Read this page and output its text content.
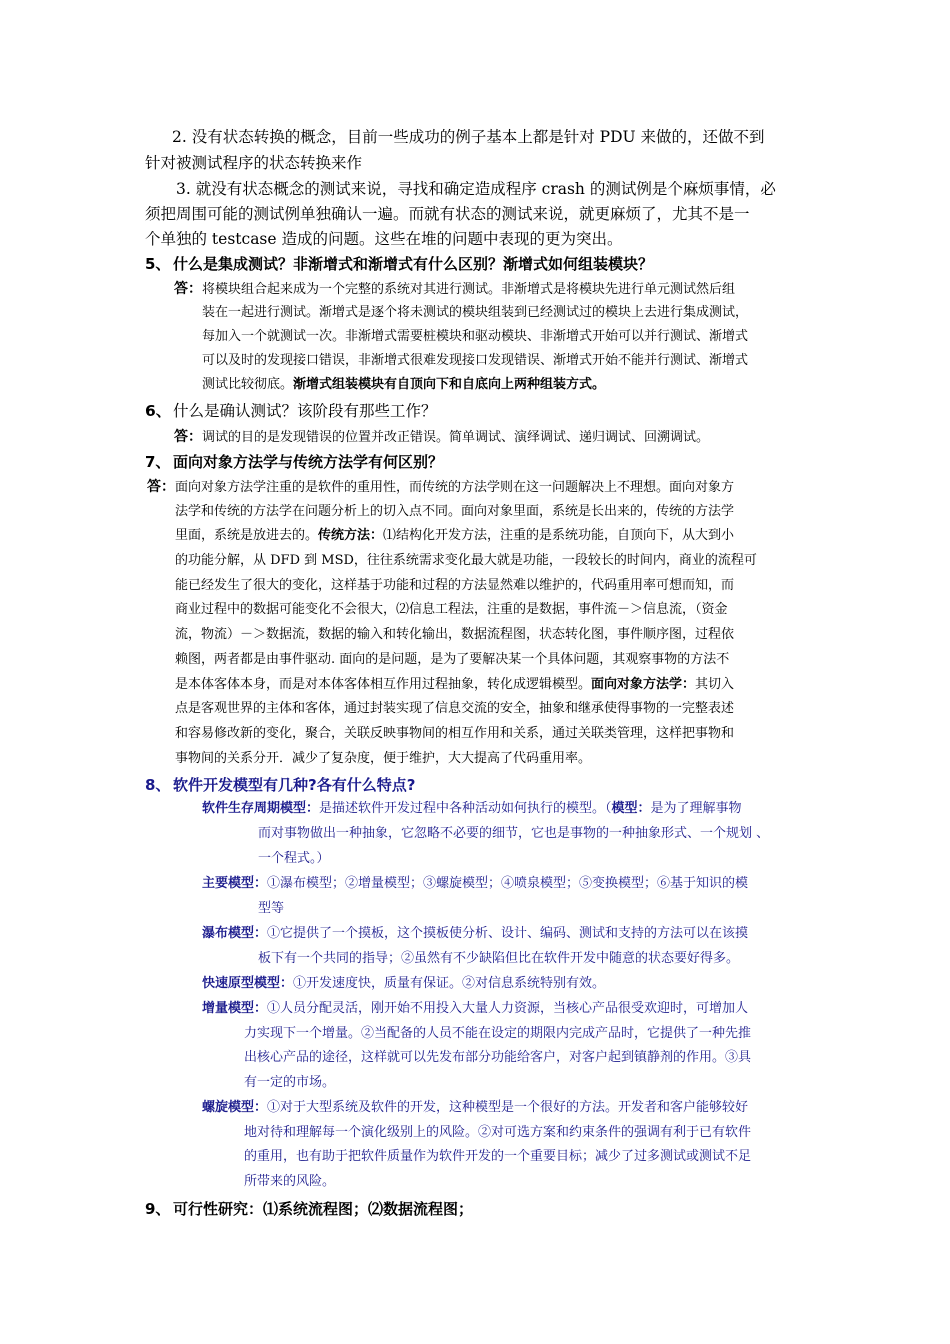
2. 没有状态转换的概念，目前一些成功的例子基本上都是针对 PDU 来做的，还做不到
针对被测试程序的状态转换来作
3. 就没有状态概念的测试来说，寻找和确定造成程序 crash 的测试例是个麻烦事情，必
须把周围可能的测试例单独确认一遍。而就有状态的测试来说，就更麻烦了，尤其不是一
个单独的 testcase 造成的问题。这些在堆的问题中表现的更为突出。
5、 什么是集成测试？非渐增式和渐增式有什么区别？渐增式如何组装模块？
答：将模块组合起来成为一个完整的系统对其进行测试。非渐增式是将模块先进行单元测试然后组
装在一起进行测试。渐增式是逐个将未测试的模块组装到已经测试过的模块上去进行集成测试，
每加入一个就测试一次。非渐增式需要桩模块和驱动模块、非渐增式开始可以并行测试、渐增式
可以及时的发现接口错误，非渐增式很难发现接口发现错误、渐增式开始不能并行测试、渐增式
测试比较彻底。渐增式组装模块有自顶向下和自底向上两种组装方式。
6、 什么是确认测试？该阶段有那些工作？
答：调试的目的是发现错误的位置并改正错误。简单调试、演绎调试、递归调试、回溯调试。
7、 面向对象方法学与传统方法学有何区别？
答：面向对象方法学注重的是软件的重用性，而传统的方法学则在这一问题解决上不理想。面向对象方
法学和传统的方法学在问题分析上的切入点不同。面向对象里面，系统是长出来的，传统的方法学
里面，系统是放进去的。传统方法：⑴结构化开发方法，注重的是系统功能，自顶向下，从大到小
的功能分解，从 DFD 到 MSD，往往系统需求变化最大就是功能，一段较长的时间内，商业的流程可
能已经发生了很大的变化，这样基于功能和过程的方法显然难以维护的，代码重用率可想而知，而
商业过程中的数据可能变化不会很大，⑵信息工程法，注重的是数据，事件流－＞信息流，（资金
流，物流）－＞数据流，数据的输入和转化输出，数据流程图，状态转化图，事件顺序图，过程依
赖图，两者都是由事件驱动. 面向的是问题，是为了要解决某一个具体问题，其观察事物的方法不
是本体客体本身，而是对本体客体相互作用过程抽象，转化成逻辑模型。面向对象方法学：其切入
点是客观世界的主体和客体，通过封装实现了信息交流的安全，抽象和继承使得事物的一完整表述
和容易修改新的变化，聚合，关联反映事物间的相互作用和关系，通过关联类管理，这样把事物和
事物间的关系分开．减少了复杂度，便于维护，大大提高了代码重用率。
8、 软件开发模型有几种?各有什么特点?
软件生存周期模型：是描述软件开发过程中各种活动如何执行的模型。（模型：是为了理解事物
而对事物做出一种抽象，它忽略不必要的细节，它也是事物的一种抽象形式、一个规划 、
一个程式。）
主要模型：①瀑布模型；②增量模型；③螺旋模型；④喷泉模型；⑤变换模型；⑥基于知识的模
型等
瀑布模型：①它提供了一个摸板，这个摸板使分析、设计、编码、测试和支持的方法可以在该摸
板下有一个共同的指导；②虽然有不少缺陷但比在软件开发中随意的状态要好得多。
快速原型模型：①开发速度快，质量有保证。②对信息系统特别有效。
增量模型：①人员分配灵活，刚开始不用投入大量人力资源，当核心产品很受欢迎时，可增加人
力实现下一个增量。②当配备的人员不能在设定的期限内完成产品时，它提供了一种先推
出核心产品的途径，这样就可以先发布部分功能给客户，对客户起到镇静剂的作用。③具
有一定的市场。
螺旋模型：①对于大型系统及软件的开发，这种模型是一个很好的方法。开发者和客户能够较好
地对待和理解每一个演化级别上的风险。②对可选方案和约束条件的强调有利于已有软件
的重用，也有助于把软件质量作为软件开发的一个重要目标；减少了过多测试或测试不足
所带来的风险。
9、 可行性研究：⑴系统流程图；⑵数据流程图；
